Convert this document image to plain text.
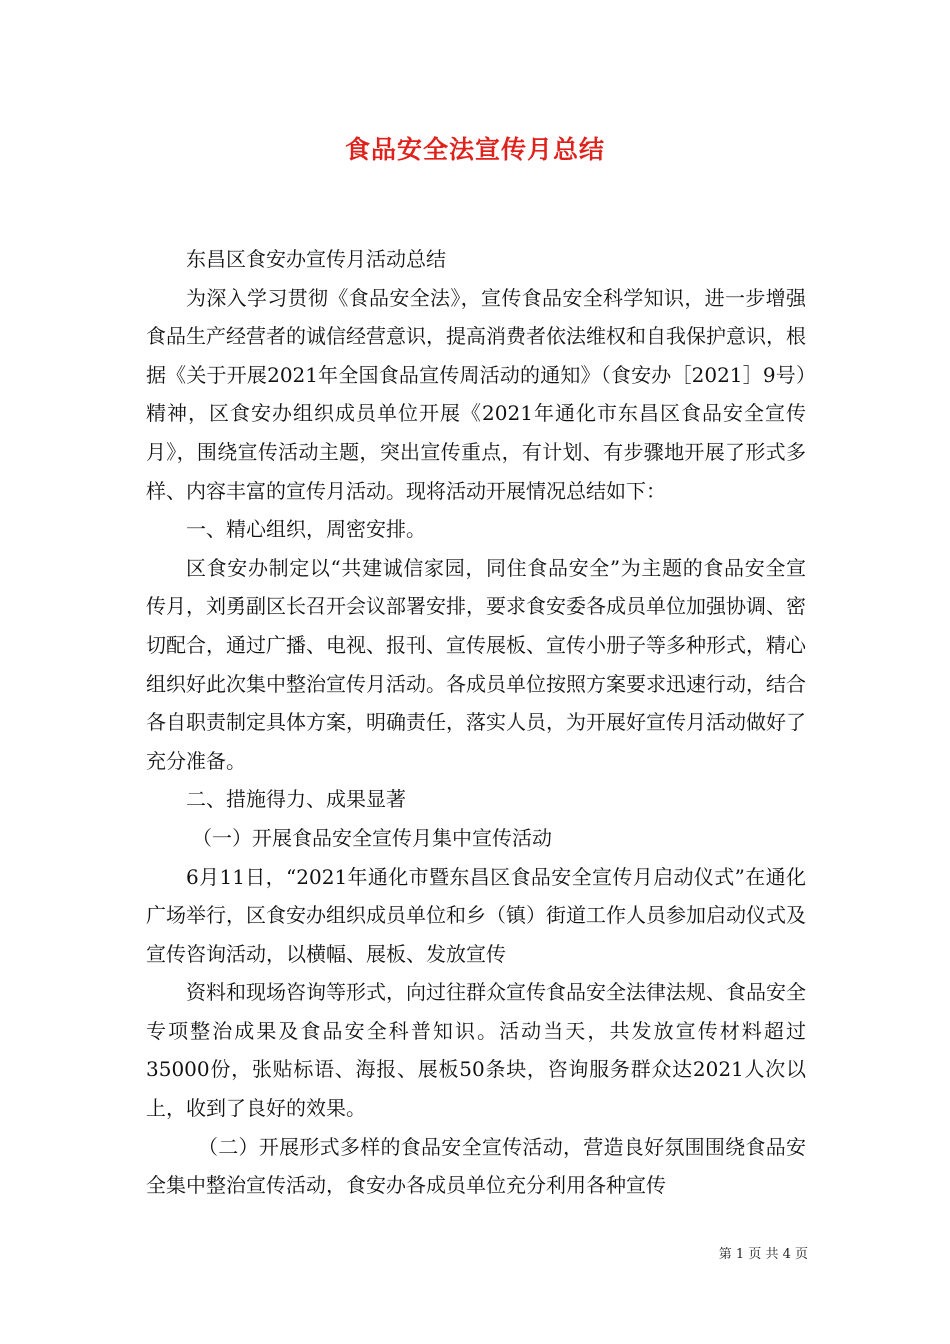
食品安全法宣传月总结

东昌区食安办宣传月活动总结

为深入学习贯彻《食品安全法》，宣传食品安全科学知识，进一步增强食品生产经营者的诚信经营意识，提高消费者依法维权和自我保护意识，根据《关于开展2021年全国食品宣传周活动的通知》（食安办［2021］9号）精神，区食安办组织成员单位开展《2021年通化市东昌区食品安全宣传月》，围绕宣传活动主题，突出宣传重点，有计划、有步骤地开展了形式多样、内容丰富的宣传月活动。现将活动开展情况总结如下：

一、精心组织，周密安排。

区食安办制定以“共建诚信家园，同住食品安全”为主题的食品安全宣传月，刘勇副区长召开会议部署安排，要求食安委各成员单位加强协调、密切配合，通过广播、电视、报刊、宣传展板、宣传小册子等多种形式，精心组织好此次集中整治宣传月活动。各成员单位按照方案要求迅速行动，结合各自职责制定具体方案，明确责任，落实人员，为开展好宣传月活动做好了充分准备。

二、措施得力、成果显著

（一）开展食品安全宣传月集中宣传活动

6月11日，“2021年通化市暨东昌区食品安全宣传月启动仪式”在通化广场举行，区食安办组织成员单位和乡（镇）街道工作人员参加启动仪式及宣传咨询活动，以横幅、展板、发放宣传

资料和现场咨询等形式，向过往群众宣传食品安全法律法规、食品安全专项整治成果及食品安全科普知识。活动当天，共发放宣传材料超过35000份，张贴标语、海报、展板50条块，咨询服务群众达2021人次以上，收到了良好的效果。

（二）开展形式多样的食品安全宣传活动，营造良好氛围围绕食品安全集中整治宣传活动，食安办各成员单位充分利用各种宣传

第 1 页 共 4 页
